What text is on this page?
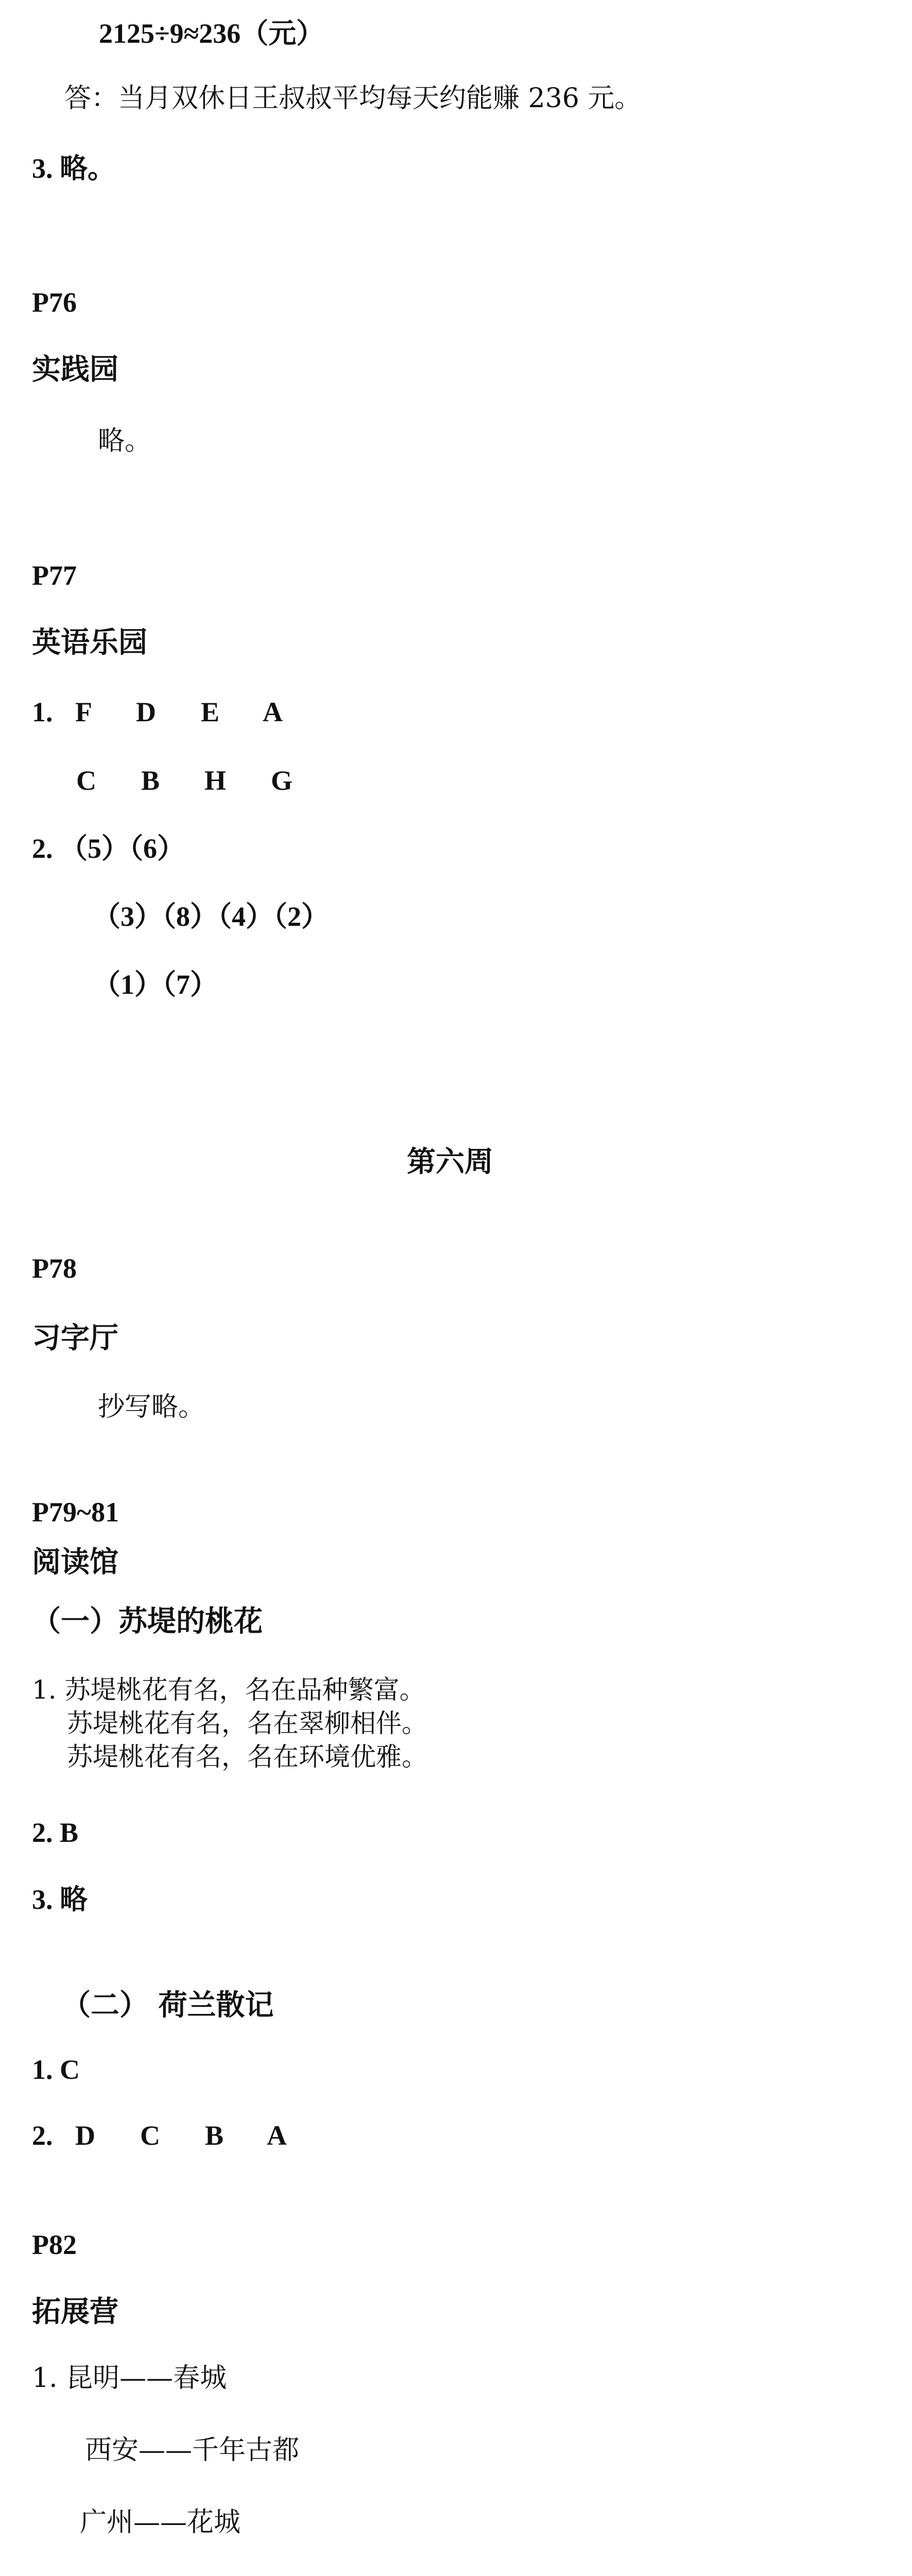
2125÷9≈236（元）
答：当月双休日王叔叔平均每天约能赚 236 元。
3. 略。
P76
实践园
略。
P77
英语乐园
1. F  D  E  A
C  B  H  G
2. （5）（6）
（3）（8）（4）（2）
（1）（7）
第六周
P78
习字厅
抄写略。
P79~81
阅读馆
（一）苏堤的桃花
1. 苏堤桃花有名，名在品种繁富。
苏堤桃花有名，名在翠柳相伴。
苏堤桃花有名，名在环境优雅。
2. B
3. 略
（二） 荷兰散记
1. C
2. D  C  B  A
P82
拓展营
1. 昆明——春城
西安——千年古都
广州——花城
